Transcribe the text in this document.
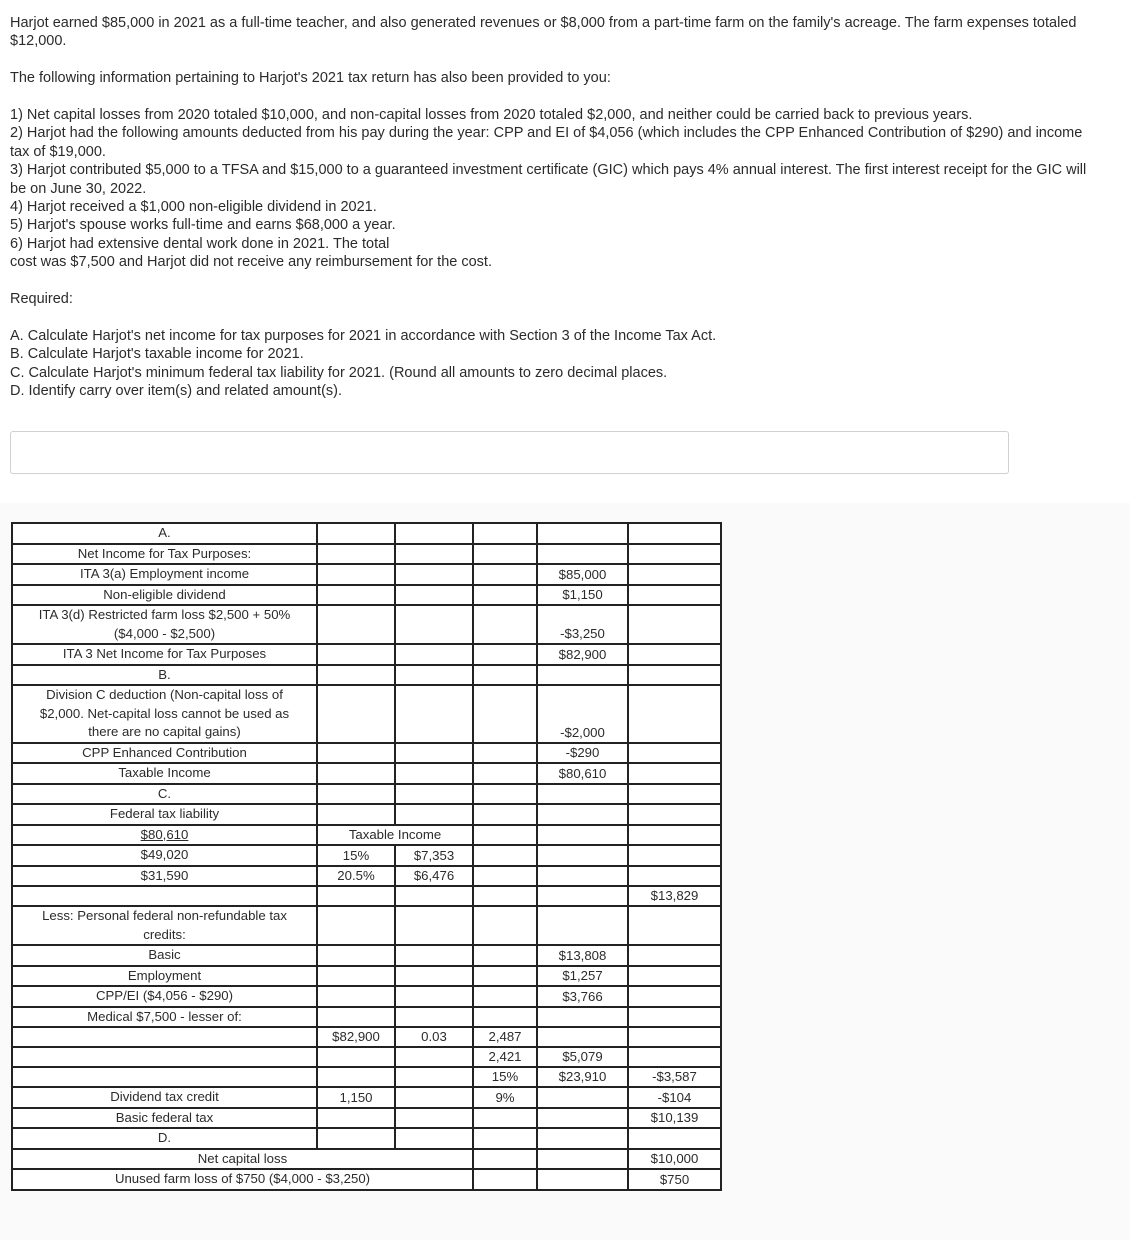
Harjot earned $85,000 in 2021 as a full-time teacher, and also generated revenues or $8,000 from a part-time farm on the family's acreage. The farm expenses totaled $12,000.

The following information pertaining to Harjot's 2021 tax return has also been provided to you:

1) Net capital losses from 2020 totaled $10,000, and non-capital losses from 2020 totaled $2,000, and neither could be carried back to previous years.

2) Harjot had the following amounts deducted from his pay during the year: CPP and EI of $4,056 (which includes the CPP Enhanced Contribution of $290) and income tax of $19,000.

3) Harjot contributed $5,000 to a TFSA and $15,000 to a guaranteed investment certificate (GIC) which pays 4% annual interest. The first interest receipt for the GIC will be on June 30, 2022.

4) Harjot received a $1,000 non-eligible dividend in 2021.

5) Harjot's spouse works full-time and earns $68,000 a year.

6) Harjot had extensive dental work done in 2021. The total

cost was $7,500 and Harjot did not receive any reimbursement for the cost.

Required:

A. Calculate Harjot's net income for tax purposes for 2021 in accordance with Section 3 of the Income Tax Act.

B. Calculate Harjot's taxable income for 2021.

C. Calculate Harjot's minimum federal tax liability for 2021. (Round all amounts to zero decimal places.

D. Identify carry over item(s) and related amount(s).

A.					
Net Income for Tax Purposes:					
ITA 3(a) Employment income				$85,000	
Non-eligible dividend				$1,150	

ITA 3(d) Restricted farm loss $2,500 + 50%
($4,000 - $2,500)				-$3,250	
ITA 3 Net Income for Tax Purposes				$82,900	
B.					

Division C deduction (Non-capital loss of
$2,000. Net-capital loss cannot be used as
there are no capital gains)				-$2,000	
CPP Enhanced Contribution				-$290	
Taxable Income				$80,610	
C.					
Federal tax liability					
$80,610	Taxable Income				
$49,020	15%	$7,353			
$31,590	20.5%	$6,476			
					$13,829

Less: Personal federal non-refundable tax
credits:					

Basic				$13,808	
Employment				$1,257	
CPP/EI ($4,056 - $290)				$3,766	
Medical $7,500 - lesser of:					
	$82,900	0.03	2,487		
			2,421	$5,079	
			15%	$23,910	-$3,587
Dividend tax credit	1,150		9%		-$104
Basic federal tax					$10,139
D.					
Net capital loss					$10,000
Unused farm loss of $750 ($4,000 - $3,250)					$750
